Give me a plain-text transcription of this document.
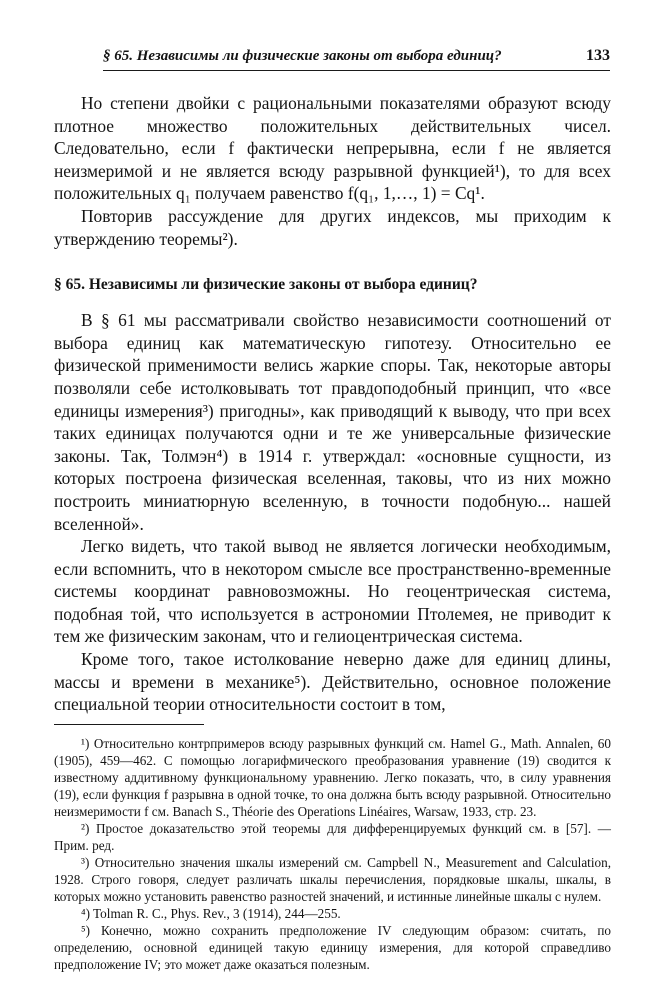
§ 65. Независимы ли физические законы от выбора единиц?	133

Но степени двойки с рациональными показателями образуют всюду плотное множество положительных действительных чисел. Следовательно, если f фактически непрерывна, если f не является неизмеримой и не является всюду разрывной функцией¹), то для всех положительных q₁ получаем равенство f(q₁, 1,…, 1) = Cq¹.

Повторив рассуждение для других индексов, мы приходим к утверждению теоремы²).

§ 65. Независимы ли физические законы от выбора единиц?

В § 61 мы рассматривали свойство независимости соотношений от выбора единиц как математическую гипотезу. Относительно ее физической применимости велись жаркие споры. Так, некоторые авторы позволяли себе истолковывать тот правдоподобный принцип, что «все единицы измерения³) пригодны», как приводящий к выводу, что при всех таких единицах получаются одни и те же универсальные физические законы. Так, Толмэн⁴) в 1914 г. утверждал: «основные сущности, из которых построена физическая вселенная, таковы, что из них можно построить миниатюрную вселенную, в точности подобную... нашей вселенной».

Легко видеть, что такой вывод не является логически необходимым, если вспомнить, что в некотором смысле все пространственно-временные системы координат равновозможны. Но геоцентрическая система, подобная той, что используется в астрономии Птолемея, не приводит к тем же физическим законам, что и гелиоцентрическая система.

Кроме того, такое истолкование неверно даже для единиц длины, массы и времени в механике⁵). Действительно, основное положение специальной теории относительности состоит в том,

¹) Относительно контрпримеров всюду разрывных функций см. Hamel G., Math. Annalen, 60 (1905), 459—462. С помощью логарифмического преобразования уравнение (19) сводится к известному аддитивному функциональному уравнению. Легко показать, что, в силу уравнения (19), если функция f разрывна в одной точке, то она должна быть всюду разрывной. Относительно неизмеримости f см. Banach S., Théorie des Operations Linéaires, Warsaw, 1933, стр. 23.

²) Простое доказательство этой теоремы для дифференцируемых функций см. в [57]. — Прим. ред.

³) Относительно значения шкалы измерений см. Campbell N., Measurement and Calculation, 1928. Строго говоря, следует различать шкалы перечисления, порядковые шкалы, шкалы, в которых можно установить равенство разностей значений, и истинные линейные шкалы с нулем.

⁴) Tolman R. C., Phys. Rev., 3 (1914), 244—255.

⁵) Конечно, можно сохранить предположение IV следующим образом: считать, по определению, основной единицей такую единицу измерения, для которой справедливо предположение IV; это может даже оказаться полезным.
